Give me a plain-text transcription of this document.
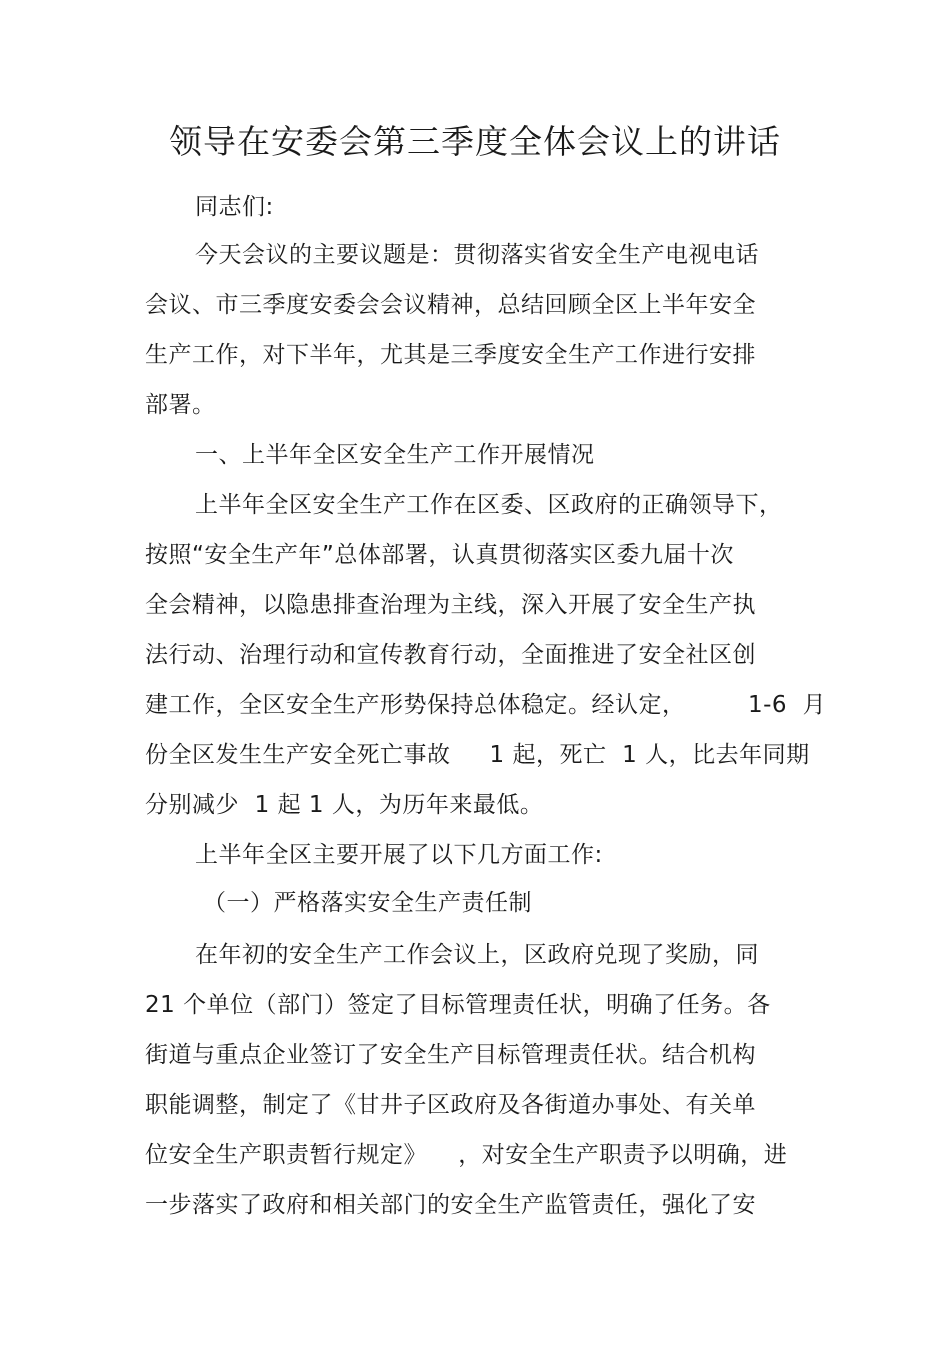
领导在安委会第三季度全体会议上的讲话
同志们:
今天会议的主要议题是：贯彻落实省安全生产电视电话
会议、市三季度安委会会议精神，总结回顾全区上半年安全
生产工作，对下半年，尤其是三季度安全生产工作进行安排
部署。
一、上半年全区安全生产工作开展情况
上半年全区安全生产工作在区委、区政府的正确领导下，
按照“安全生产年”总体部署，认真贯彻落实区委九届十次
全会精神，以隐患排查治理为主线，深入开展了安全生产执
法行动、治理行动和宣传教育行动，全面推进了安全社区创
建工作，全区安全生产形势保持总体稳定。经认定，        1-6  月
份全区发生生产安全死亡事故     1 起，死亡  1 人，比去年同期
分别减少  1 起 1 人，为历年来最低。
上半年全区主要开展了以下几方面工作:
（一）严格落实安全生产责任制
在年初的安全生产工作会议上，区政府兑现了奖励，同
21 个单位（部门）签定了目标管理责任状，明确了任务。各
街道与重点企业签订了安全生产目标管理责任状。结合机构
职能调整，制定了《甘井子区政府及各街道办事处、有关单
位安全生产职责暂行规定》    ，对安全生产职责予以明确，进
一步落实了政府和相关部门的安全生产监管责任，强化了安
